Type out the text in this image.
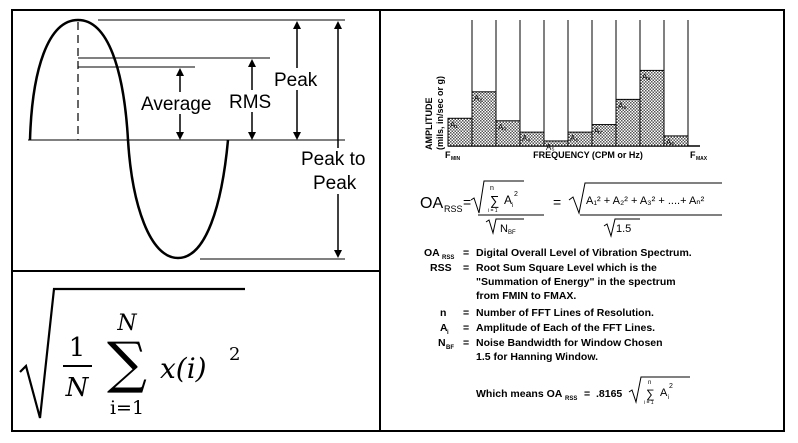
Average RMS
Peak
Peak to
Peak
1
N
N
∑
i=1
x(i) 2
AMPLITUDE (mils, in/sec or g) A₁
A₂
A₃
A₄
A₅
A₆
A₇
A₈
A₉
Aₙ
F MIN	FREQUENCY (CPM or Hz)	F MAX
OA RSS =
n
∑
i = 1
A i
2
N BF
= A₁² + A₂² + A₃² + ....+ Aₙ²
1.5
OA RSS = Digital Overall Level of Vibration Spectrum.
RSS = Root Sum Square Level which is the
"Summation of Energy" in the spectrum
from FMIN to FMAX.
n = Number of FFT Lines of Resolution.
A i = Amplitude of Each of the FFT Lines.
N BF = Noise Bandwidth for Window Chosen
1.5 for Hanning Window.
Which means OA RSS = .8165
n
∑
i = 1
A i
2
